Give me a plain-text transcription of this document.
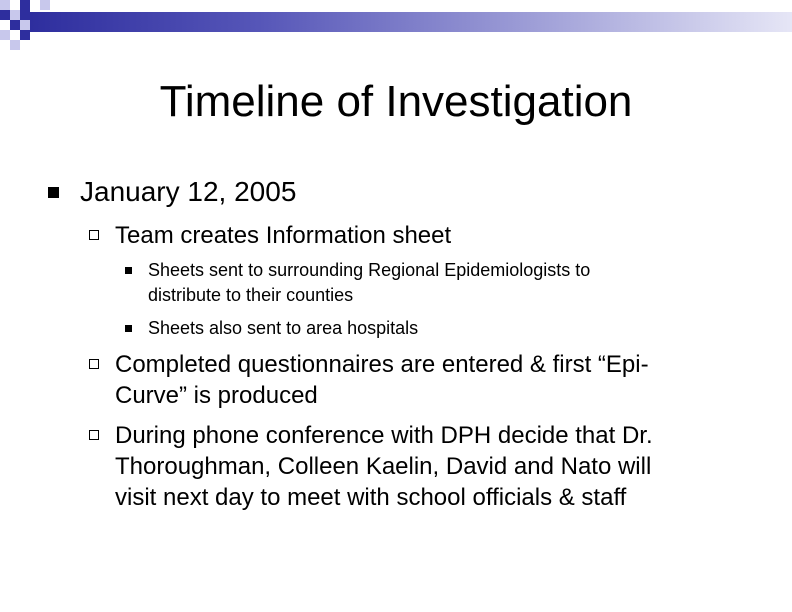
Timeline of Investigation
January 12, 2005
Team creates Information sheet
Sheets sent to surrounding Regional Epidemiologists to
distribute to their counties
Sheets also sent to area hospitals
Completed questionnaires are entered & first “Epi-
Curve” is produced
During phone conference with DPH decide that Dr.
Thoroughman, Colleen Kaelin, David and Nato will
visit next day to meet with school officials & staff
